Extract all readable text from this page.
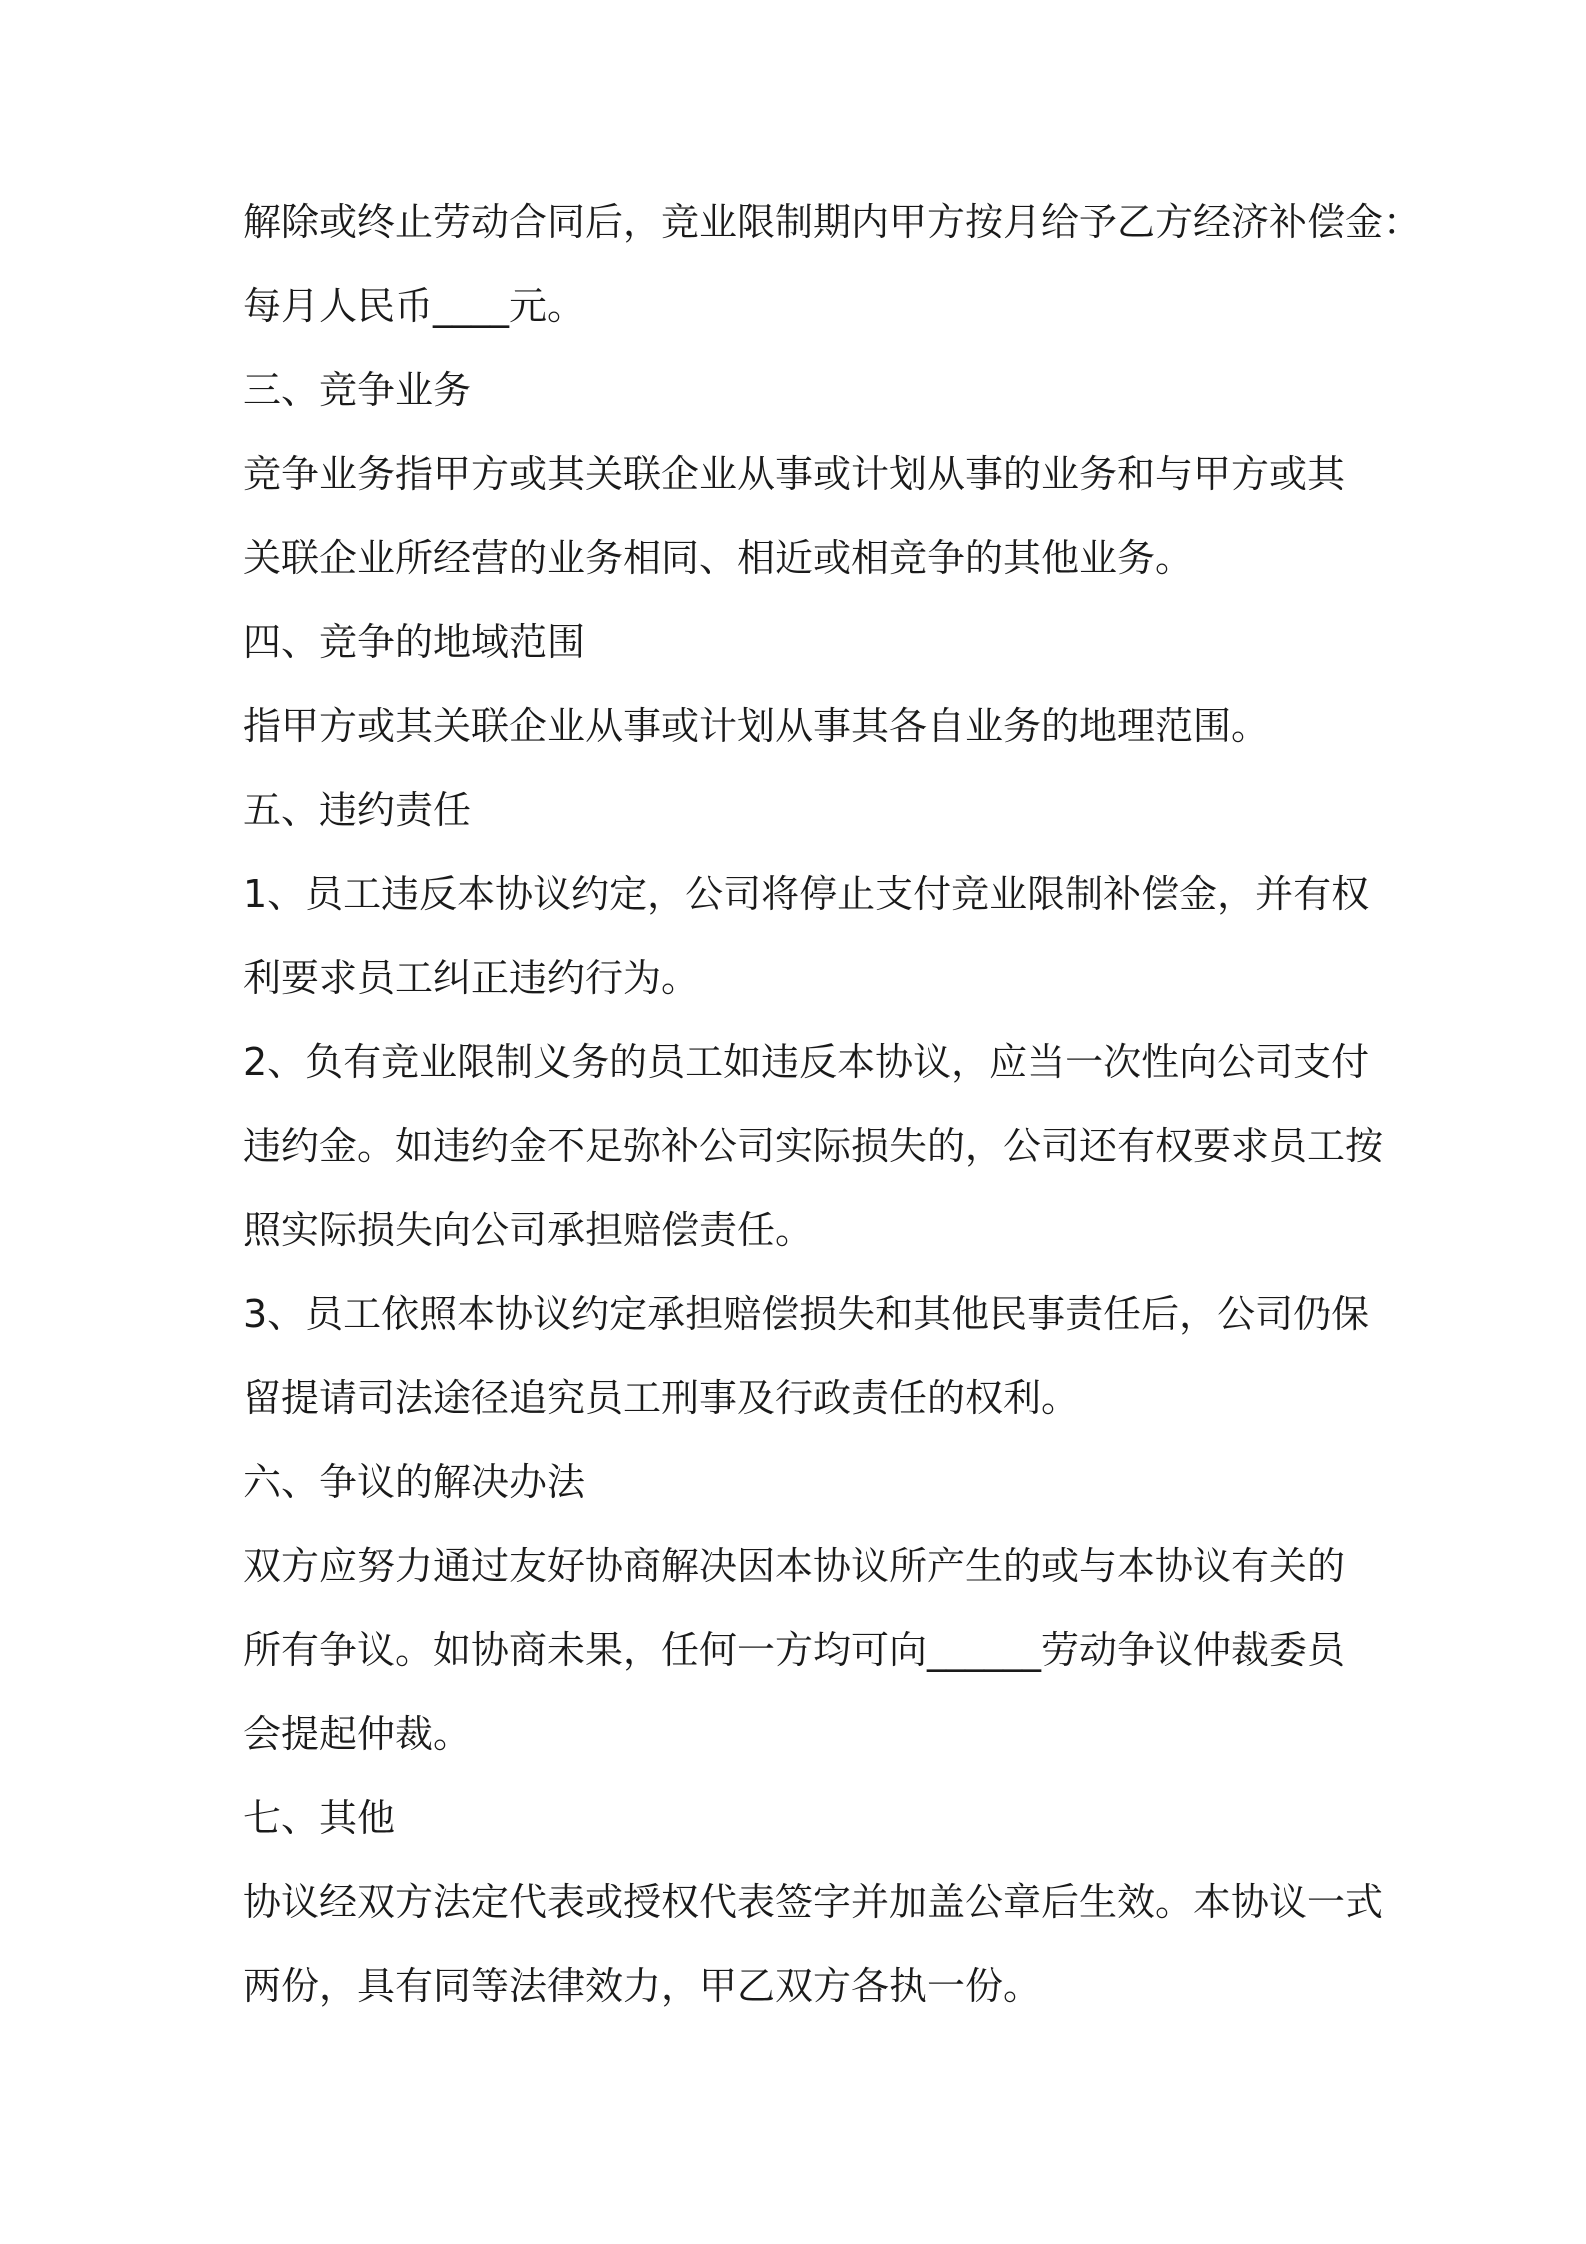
解除或终止劳动合同后，竞业限制期内甲方按月给予乙方经济补偿金：
每月人民币____元。
三、竞争业务
竞争业务指甲方或其关联企业从事或计划从事的业务和与甲方或其
关联企业所经营的业务相同、相近或相竞争的其他业务。
四、竞争的地域范围
指甲方或其关联企业从事或计划从事其各自业务的地理范围。
五、违约责任
1、员工违反本协议约定，公司将停止支付竞业限制补偿金，并有权
利要求员工纠正违约行为。
2、负有竞业限制义务的员工如违反本协议，应当一次性向公司支付
违约金。如违约金不足弥补公司实际损失的，公司还有权要求员工按
照实际损失向公司承担赔偿责任。
3、员工依照本协议约定承担赔偿损失和其他民事责任后，公司仍保
留提请司法途径追究员工刑事及行政责任的权利。
六、争议的解决办法
双方应努力通过友好协商解决因本协议所产生的或与本协议有关的
所有争议。如协商未果，任何一方均可向______劳动争议仲裁委员
会提起仲裁。
七、其他
协议经双方法定代表或授权代表签字并加盖公章后生效。本协议一式
两份，具有同等法律效力，甲乙双方各执一份。
